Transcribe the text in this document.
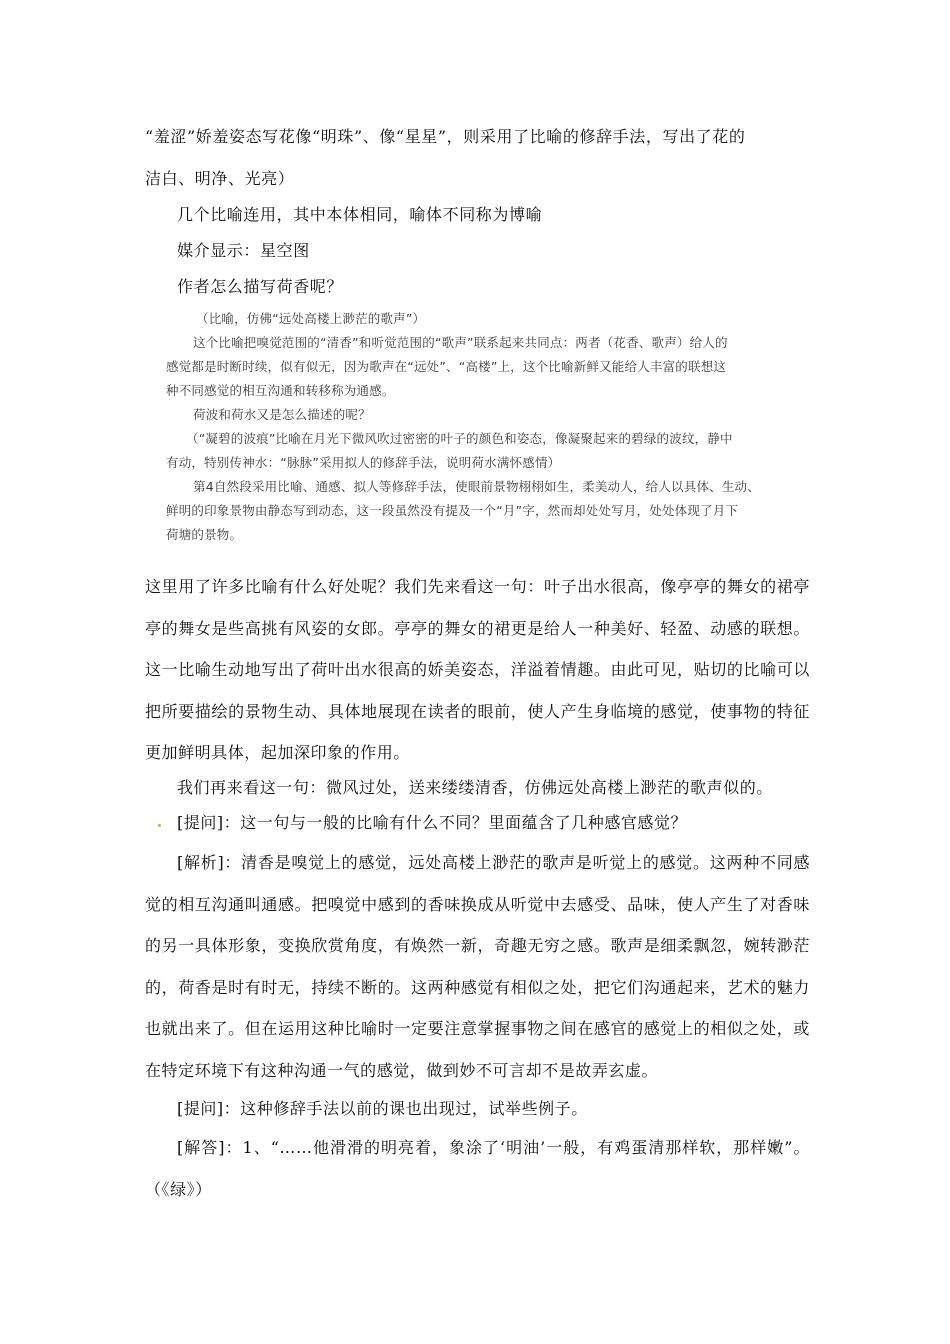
“羞涩”娇羞姿态写花像“明珠”、像“星星”，则采用了比喻的修辞手法，写出了花的
洁白、明净、光亮）
几个比喻连用，其中本体相同，喻体不同称为博喻
媒介显示：星空图
作者怎么描写荷香呢？
（比喻，仿佛“远处高楼上渺茫的歌声”）
这个比喻把嗅觉范围的“清香”和听觉范围的“歌声”联系起来共同点：两者（花香、歌声）给人的
感觉都是时断时续，似有似无，因为歌声在“远处”、“高楼”上，这个比喻新鲜又能给人丰富的联想这
种不同感觉的相互沟通和转移称为通感。
荷波和荷水又是怎么描述的呢？
（“凝碧的波痕”比喻在月光下微风吹过密密的叶子的颜色和姿态，像凝聚起来的碧绿的波纹，静中
有动，特别传神水：“脉脉”采用拟人的修辞手法，说明荷水满怀感情）
第4自然段采用比喻、通感、拟人等修辞手法，使眼前景物栩栩如生，柔美动人，给人以具体、生动、
鲜明的印象景物由静态写到动态，这一段虽然没有提及一个“月”字，然而却处处写月，处处体现了月下
荷塘的景物。
这里用了许多比喻有什么好处呢？我们先来看这一句：叶子出水很高，像亭亭的舞女的裙亭亭的舞女是些高挑有风姿的女郎。亭亭的舞女的裙更是给人一种美好、轻盈、动感的联想。这一比喻生动地写出了荷叶出水很高的娇美姿态，洋溢着情趣。由此可见，贴切的比喻可以把所要描绘的景物生动、具体地展现在读者的眼前，使人产生身临境的感觉，使事物的特征更加鲜明具体，起加深印象的作用。
我们再来看这一句：微风过处，送来缕缕清香，仿佛远处高楼上渺茫的歌声似的。
[提问]：这一句与一般的比喻有什么不同？里面蕴含了几种感官感觉？
[解析]：清香是嗅觉上的感觉，远处高楼上渺茫的歌声是听觉上的感觉。这两种不同感觉的相互沟通叫通感。把嗅觉中感到的香味换成从听觉中去感受、品味，使人产生了对香味的另一具体形象，变换欣赏角度，有焕然一新，奇趣无穷之感。歌声是细柔飘忽，婉转渺茫的，荷香是时有时无，持续不断的。这两种感觉有相似之处，把它们沟通起来，艺术的魅力也就出来了。但在运用这种比喻时一定要注意掌握事物之间在感官的感觉上的相似之处，或在特定环境下有这种沟通一气的感觉，做到妙不可言却不是故弄玄虚。
[提问]：这种修辞手法以前的课也出现过，试举些例子。
[解答]：1、“……他滑滑的明亮着，象涂了‘明油’一般，有鸡蛋清那样软，那样嫩”。（《绿》）
